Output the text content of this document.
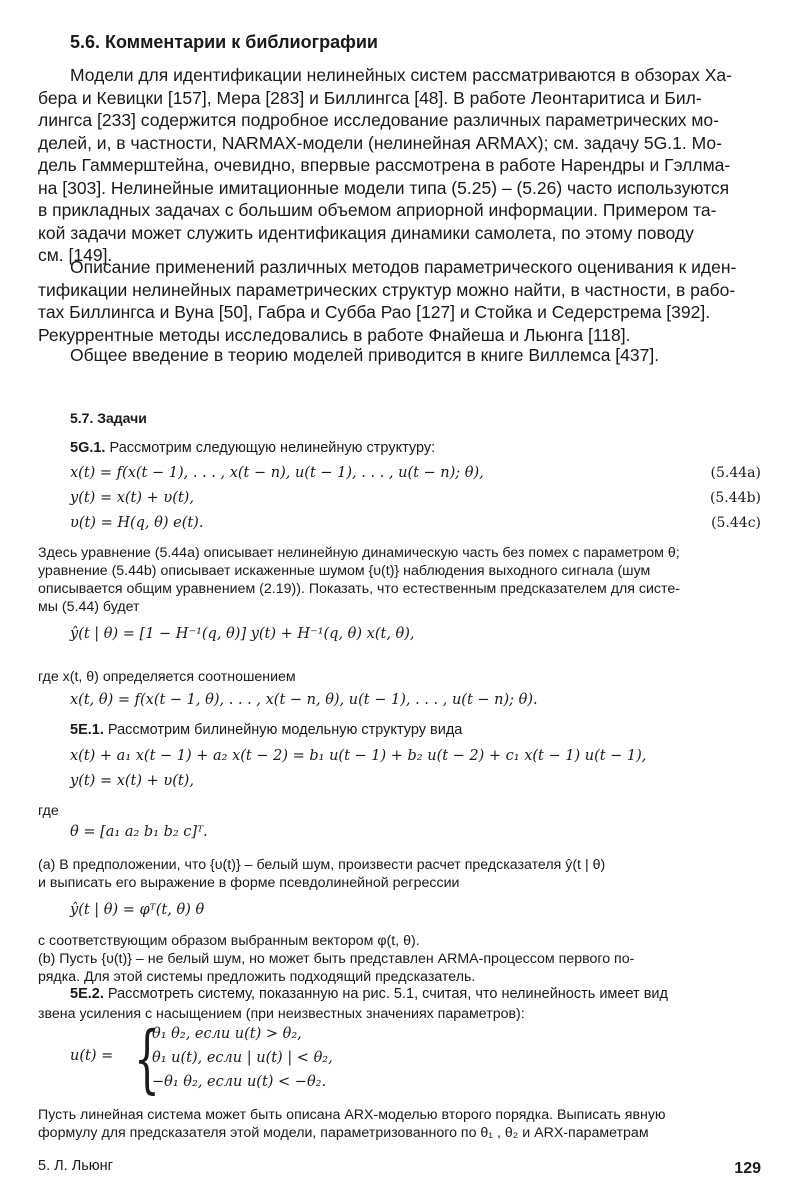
5.6. Комментарии к библиографии
Модели для идентификации нелинейных систем рассматриваются в обзорах Ха-
бера и Кевицки [157], Мера [283] и Биллингса [48]. В работе Леонтаритиса и Бил-
лингса [233] содержится подробное исследование различных параметрических мо-
делей, и, в частности, NARMAX-модели (нелинейная ARMAX); см. задачу 5G.1. Мо-
дель Гаммерштейна, очевидно, впервые рассмотрена в работе Нарендры и Гэллма-
на [303]. Нелинейные имитационные модели типа (5.25) – (5.26) часто используются
в прикладных задачах с большим объемом априорной информации. Примером та-
кой задачи может служить идентификация динамики самолета, по этому поводу
см. [149].
Описание применений различных методов параметрического оценивания к иден-
тификации нелинейных параметрических структур можно найти, в частности, в рабо-
тах Биллингса и Вуна [50], Габра и Субба Рао [127] и Стойка и Седерстрема [392].
Рекуррентные методы исследовались в работе Фнайеша и Льюнга [118].
Общее введение в теорию моделей приводится в книге Виллемса [437].
5.7. Задачи
5G.1. Рассмотрим следующую нелинейную структуру:
x(t) = f(x(t − 1), . . . , x(t − n), u(t − 1), . . . , u(t − n); θ),	(5.44a)
y(t) = x(t) + υ(t),	(5.44b)
υ(t) = H(q, θ) e(t).	(5.44c)
Здесь уравнение (5.44a) описывает нелинейную динамическую часть без помех с параметром θ;
уравнение (5.44b) описывает искаженные шумом {υ(t)} наблюдения выходного сигнала (шум
описывается общим уравнением (2.19)). Показать, что естественным предсказателем для систе-
мы (5.44) будет
ŷ(t | θ) = [1 − H⁻¹(q, θ)] y(t) + H⁻¹(q, θ) x(t, θ),
где x(t, θ) определяется соотношением
x(t, θ) = f(x(t − 1, θ), . . . , x(t − n, θ), u(t − 1), . . . , u(t − n); θ).
5E.1. Рассмотрим билинейную модельную структуру вида
x(t) + a₁ x(t − 1) + a₂ x(t − 2) = b₁ u(t − 1) + b₂ u(t − 2) + c₁ x(t − 1) u(t − 1),
y(t) = x(t) + υ(t),
где
θ = [a₁ a₂ b₁ b₂ c]ᵀ.
(a) В предположении, что {υ(t)} – белый шум, произвести расчет предсказателя ŷ(t | θ)
и выписать его выражение в форме псевдолинейной регрессии
ŷ(t | θ) = φᵀ(t, θ) θ
с соответствующим образом выбранным вектором φ(t, θ).
(b) Пусть {υ(t)} – не белый шум, но может быть представлен ARMA-процессом первого по-
рядка. Для этой системы предложить подходящий предсказатель.
5E.2. Рассмотреть систему, показанную на рис. 5.1, считая, что нелинейность имеет вид
звена усиления с насыщением (при неизвестных значениях параметров):
u(t) = {
θ₁ θ₂, если u(t) > θ₂,
θ₁ u(t), если | u(t) | < θ₂,
−θ₁ θ₂, если u(t) < −θ₂.
Пусть линейная система может быть описана ARX-моделью второго порядка. Выписать явную
формулу для предсказателя этой модели, параметризованного по θ₁ , θ₂ и ARX-параметрам
5. Л. Льюнг	129
